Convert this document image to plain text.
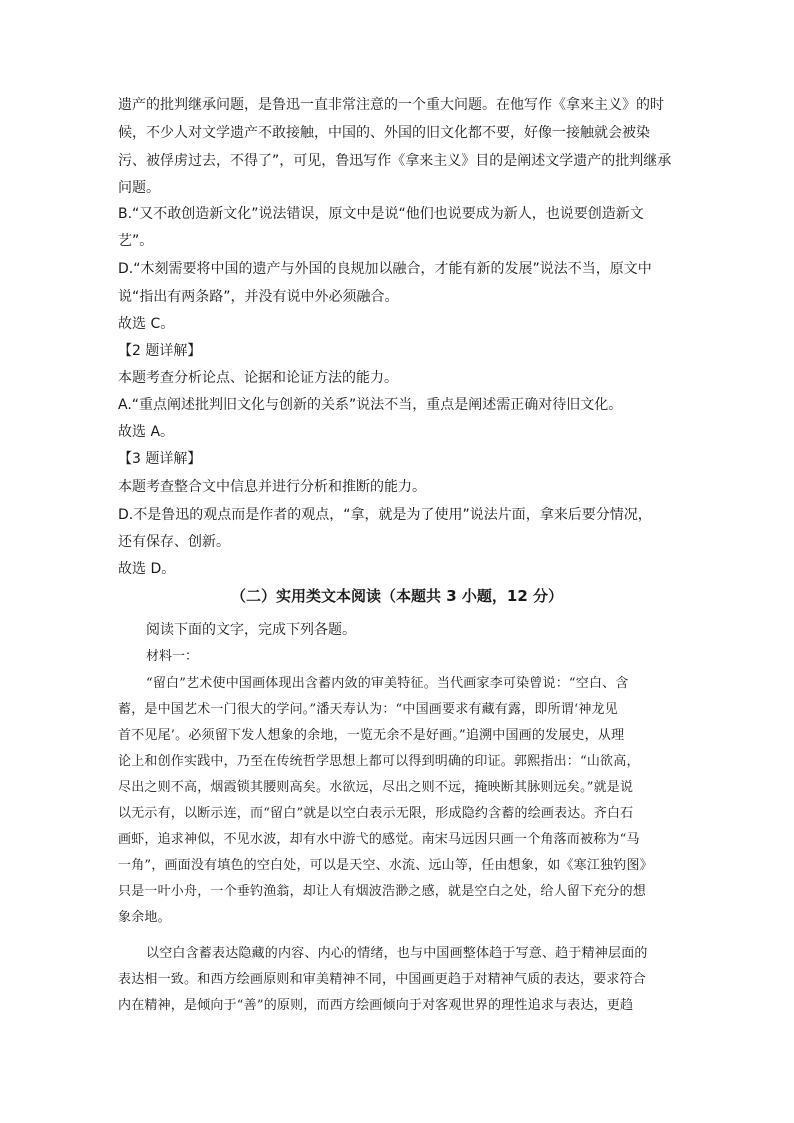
遗产的批判继承问题，是鲁迅一直非常注意的一个重大问题。在他写作《拿来主义》的时
候，不少人对文学遗产不敢接触，中国的、外国的旧文化都不要，好像一接触就会被染
污、被俘虏过去，不得了”，可见，鲁迅写作《拿来主义》目的是阐述文学遗产的批判继承
问题。
B.“又不敢创造新文化”说法错误，原文中是说“他们也说要成为新人，也说要创造新文
艺”。
D.“木刻需要将中国的遗产与外国的良规加以融合，才能有新的发展”说法不当，原文中
说“指出有两条路”，并没有说中外必须融合。
故选 C。
【2 题详解】
本题考查分析论点、论据和论证方法的能力。
A.“重点阐述批判旧文化与创新的关系”说法不当，重点是阐述需正确对待旧文化。
故选 A。
【3 题详解】
本题考查整合文中信息并进行分析和推断的能力。
D.不是鲁迅的观点而是作者的观点，“拿，就是为了使用”说法片面，拿来后要分情况，
还有保存、创新。
故选 D。
（二）实用类文本阅读（本题共 3 小题，12 分）
阅读下面的文字，完成下列各题。
材料一：
“留白”艺术使中国画体现出含蓄内敛的审美特征。当代画家李可染曾说：“空白、含
蓄，是中国艺术一门很大的学问。”潘天寿认为：“中国画要求有藏有露，即所谓‘神龙见
首不见尾’。必须留下发人想象的余地，一览无余不是好画。”追溯中国画的发展史，从理
论上和创作实践中，乃至在传统哲学思想上都可以得到明确的印证。郭熙指出：“山欲高，
尽出之则不高，烟霞锁其腰则高矣。水欲远，尽出之则不远，掩映断其脉则远矣。”就是说
以无示有，以断示连，而“留白”就是以空白表示无限，形成隐约含蓄的绘画表达。齐白石
画虾，追求神似，不见水波，却有水中游弋的感觉。南宋马远因只画一个角落而被称为“马
一角”，画面没有填色的空白处，可以是天空、水流、远山等，任由想象，如《寒江独钓图》
只是一叶小舟，一个垂钓渔翁，却让人有烟波浩渺之感，就是空白之处，给人留下充分的想
象余地。
以空白含蓄表达隐藏的内容、内心的情绪，也与中国画整体趋于写意、趋于精神层面的
表达相一致。和西方绘画原则和审美精神不同，中国画更趋于对精神气质的表达，要求符合
内在精神，是倾向于“善”的原则，而西方绘画倾向于对客观世界的理性追求与表达，更趋
